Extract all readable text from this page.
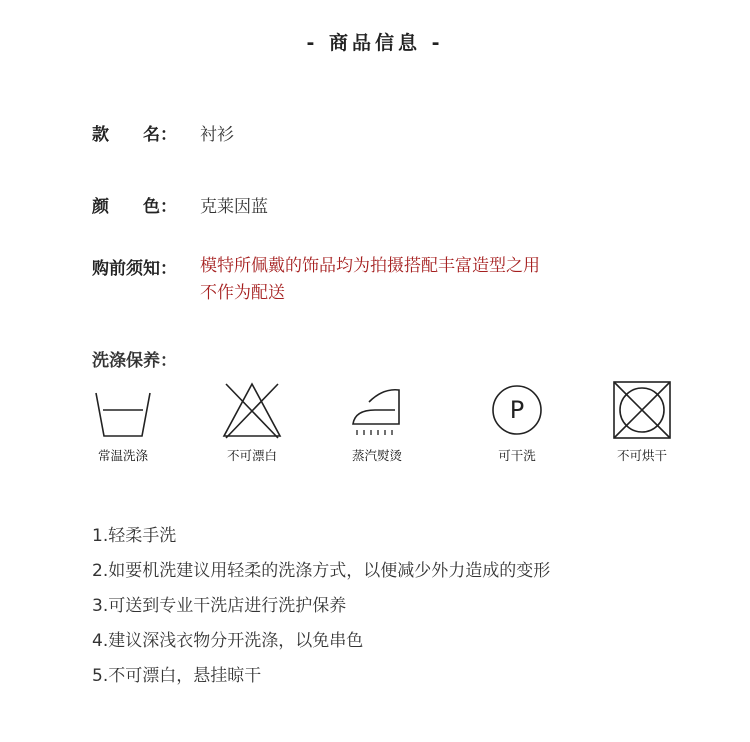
- 商品信息 -
款　　名： 衬衫
颜　　色： 克莱因蓝
购前须知： 模特所佩戴的饰品均为拍摄搭配丰富造型之用
不作为配送
洗涤保养：
常温洗涤	不可漂白	蒸汽熨烫
P
可干洗	不可烘干
1.轻柔手洗
2.如要机洗建议用轻柔的洗涤方式，以便减少外力造成的变形
3.可送到专业干洗店进行洗护保养
4.建议深浅衣物分开洗涤，以免串色
5.不可漂白，悬挂晾干
